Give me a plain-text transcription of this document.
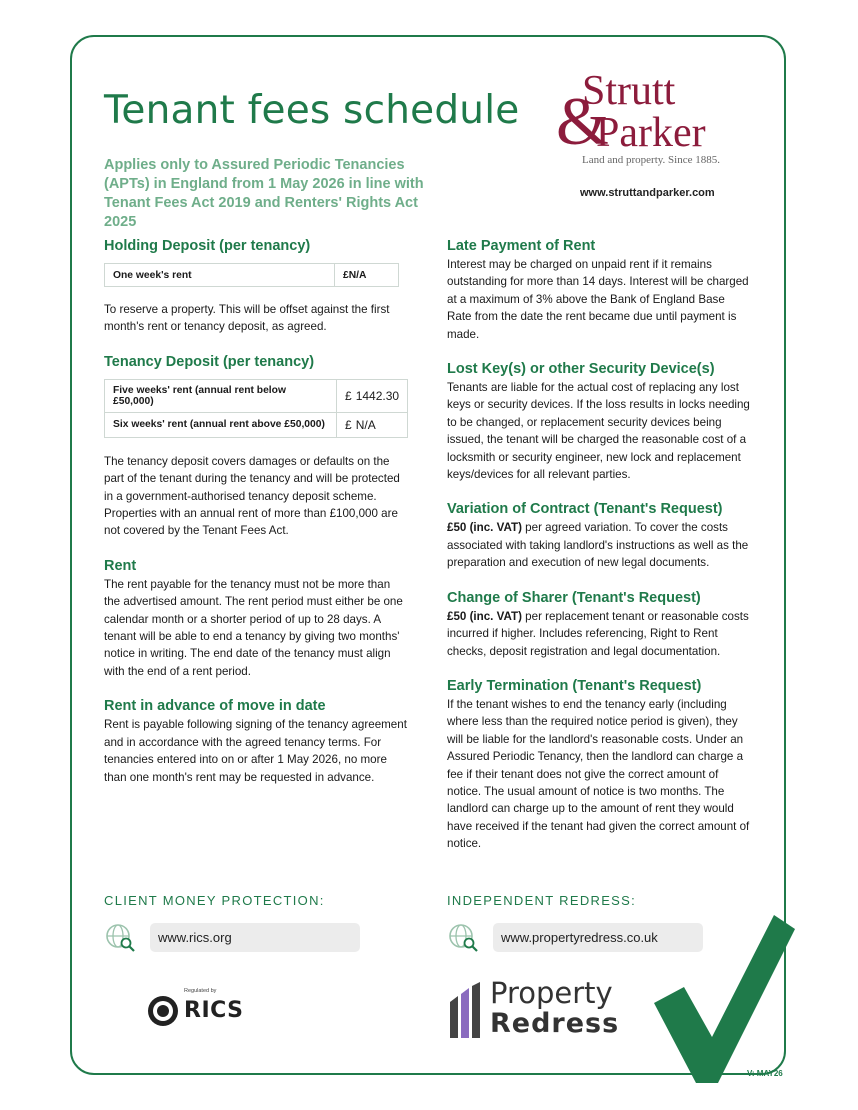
Tenant fees schedule

Applies only to Assured Periodic Tenancies (APTs) in England from 1 May 2026 in line with Tenant Fees Act 2019 and Renters' Rights Act 2025

&
Strutt
Parker
Land and property. Since 1885.
www.struttandparker.com
Holding Deposit (per tenancy)
One week's rent	£N/A

To reserve a property. This will be offset against the first month's rent or tenancy deposit, as agreed.

Tenancy Deposit (per tenancy)
Five weeks' rent (annual rent below £50,000)	£ 1442.30
Six weeks' rent (annual rent above £50,000)	£ N/A

The tenancy deposit covers damages or defaults on the part of the tenant during the tenancy and will be protected in a government-authorised tenancy deposit scheme. Properties with an annual rent of more than £100,000 are not covered by the Tenant Fees Act.

Rent

The rent payable for the tenancy must not be more than the advertised amount. The rent period must either be one calendar month or a shorter period of up to 28 days. A tenant will be able to end a tenancy by giving two months' notice in writing. The end date of the tenancy must align with the end of a rent period.

Rent in advance of move in date

Rent is payable following signing of the tenancy agreement and in accordance with the agreed tenancy terms. For tenancies entered into on or after 1 May 2026, no more than one month's rent may be requested in advance.

Late Payment of Rent

Interest may be charged on unpaid rent if it remains outstanding for more than 14 days. Interest will be charged at a maximum of 3% above the Bank of England Base Rate from the date the rent became due until payment is made.

Lost Key(s) or other Security Device(s)

Tenants are liable for the actual cost of replacing any lost keys or security devices. If the loss results in locks needing to be changed, or replacement security devices being issued, the tenant will be charged the reasonable cost of a locksmith or security engineer, new lock and replacement keys/devices for all relevant parties.

Variation of Contract (Tenant's Request)

£50 (inc. VAT) per agreed variation. To cover the costs associated with taking landlord's instructions as well as the preparation and execution of new legal documents.

Change of Sharer (Tenant's Request)

£50 (inc. VAT) per replacement tenant or reasonable costs incurred if higher. Includes referencing, Right to Rent checks, deposit registration and legal documentation.

Early Termination (Tenant's Request)

If the tenant wishes to end the tenancy early (including where less than the required notice period is given), they will be liable for the landlord's reasonable costs. Under an Assured Periodic Tenancy, then the landlord can charge a fee if their tenant does not give the correct amount of notice. The usual amount of notice is two months. The landlord can charge up to the amount of rent they would have received if the tenant had given the correct amount of notice.

CLIENT MONEY PROTECTION:	INDEPENDENT REDRESS:
www.rics.org	www.propertyredress.co.uk
Regulated by
RICS
Property
Redress
V: MAY26
